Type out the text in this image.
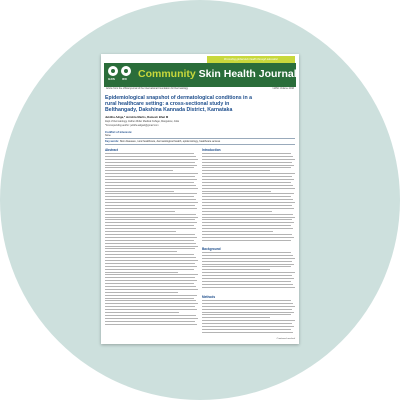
Promoting global skin health through education
ILDS IFD Community Skin Health Journal
Article from the official journal of the International Foundation for Dermatology	IJASC Volume 2016
Epidemiological snapshot of dermatological conditions in a rural healthcare setting: a cross-sectional study in Belthangady, Dakshina Kannada District, Karnataka
Jukitha Adiga,* Jerishta Martis, Ramesh Bhat M
Dept of Dermatology, Father Muller Medical College, Mangalore, India
*Corresponding author: jukitha.adiga1@gmail.com
Conflict of interests:
None
Key words: Skin diseases, rural healthcare, dermatological health, epidemiology, healthcare access
Abstract	Introduction
Background
Methods
Continued overleaf
